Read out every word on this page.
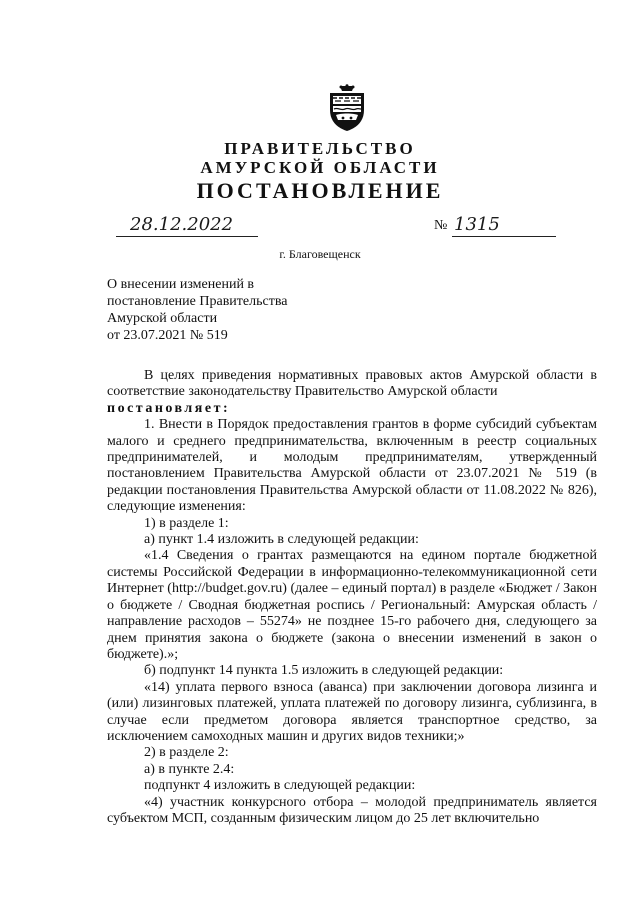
ПРАВИТЕЛЬСТВО
АМУРСКОЙ ОБЛАСТИ
ПОСТАНОВЛЕНИЕ
28.12.2022	№ 1315
г. Благовещенск
О внесении изменений в
постановление Правительства
Амурской области
от 23.07.2021 № 519

В целях приведения нормативных правовых актов Амурской области в соответствие законодательству Правительство Амурской области

постановляет:

1. Внести в Порядок предоставления грантов в форме субсидий субъектам малого и среднего предпринимательства, включенным в реестр социальных предпринимателей, и молодым предпринимателям, утвержденный постановлением Правительства Амурской области от 23.07.2021 № 519 (в редакции постановления Правительства Амурской области от 11.08.2022 № 826), следующие изменения:

1) в разделе 1:

а) пункт 1.4 изложить в следующей редакции:

«1.4 Сведения о грантах размещаются на едином портале бюджетной системы Российской Федерации в информационно-телекоммуникационной сети Интернет (http://budget.gov.ru) (далее – единый портал) в разделе «Бюджет / Закон о бюджете / Сводная бюджетная роспись / Региональный: Амурская область / направление расходов – 55274» не позднее 15-го рабочего дня, следующего за днем принятия закона о бюджете (закона о внесении изменений в закон о бюджете).»;

б) подпункт 14 пункта 1.5 изложить в следующей редакции:

«14) уплата первого взноса (аванса) при заключении договора лизинга и (или) лизинговых платежей, уплата платежей по договору лизинга, сублизинга, в случае если предметом договора является транспортное средство, за исключением самоходных машин и других видов техники;»

2) в разделе 2:

а) в пункте 2.4:

подпункт 4 изложить в следующей редакции:

«4) участник конкурсного отбора – молодой предприниматель является субъектом МСП, созданным физическим лицом до 25 лет включительно
